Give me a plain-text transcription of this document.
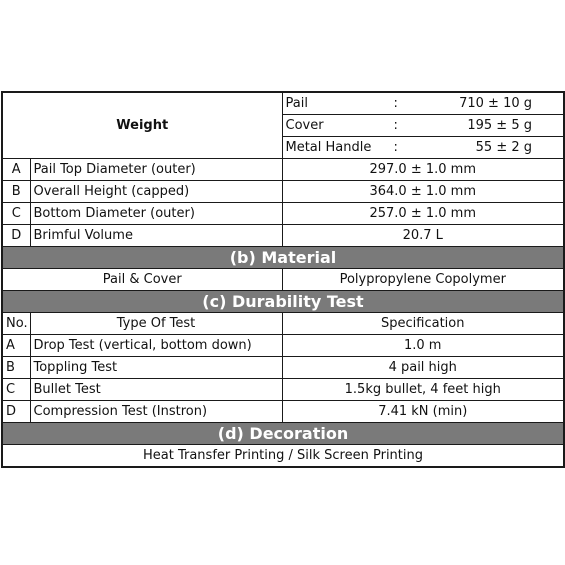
Weight		Pail : 710 ± 10 g

		Cover : 195 ± 5 g

		Metal Handle : 55 ± 2 g

A	Pail Top Diameter (outer)	297.0 ± 1.0 mm
B	Overall Height (capped)	364.0 ± 1.0 mm
C	Bottom Diameter (outer)	257.0 ± 1.0 mm
D	Brimful Volume	20.7 L
(b) Material		
Pail & Cover		Polypropylene Copolymer
(c) Durability Test		
No.	Type Of Test	Specification
A	Drop Test (vertical, bottom down)	1.0 m
B	Toppling Test	4 pail high
C	Bullet Test	1.5kg bullet, 4 feet high
D	Compression Test (Instron)	7.41 kN (min)
(d) Decoration		
Heat Transfer Printing / Silk Screen Printing		
